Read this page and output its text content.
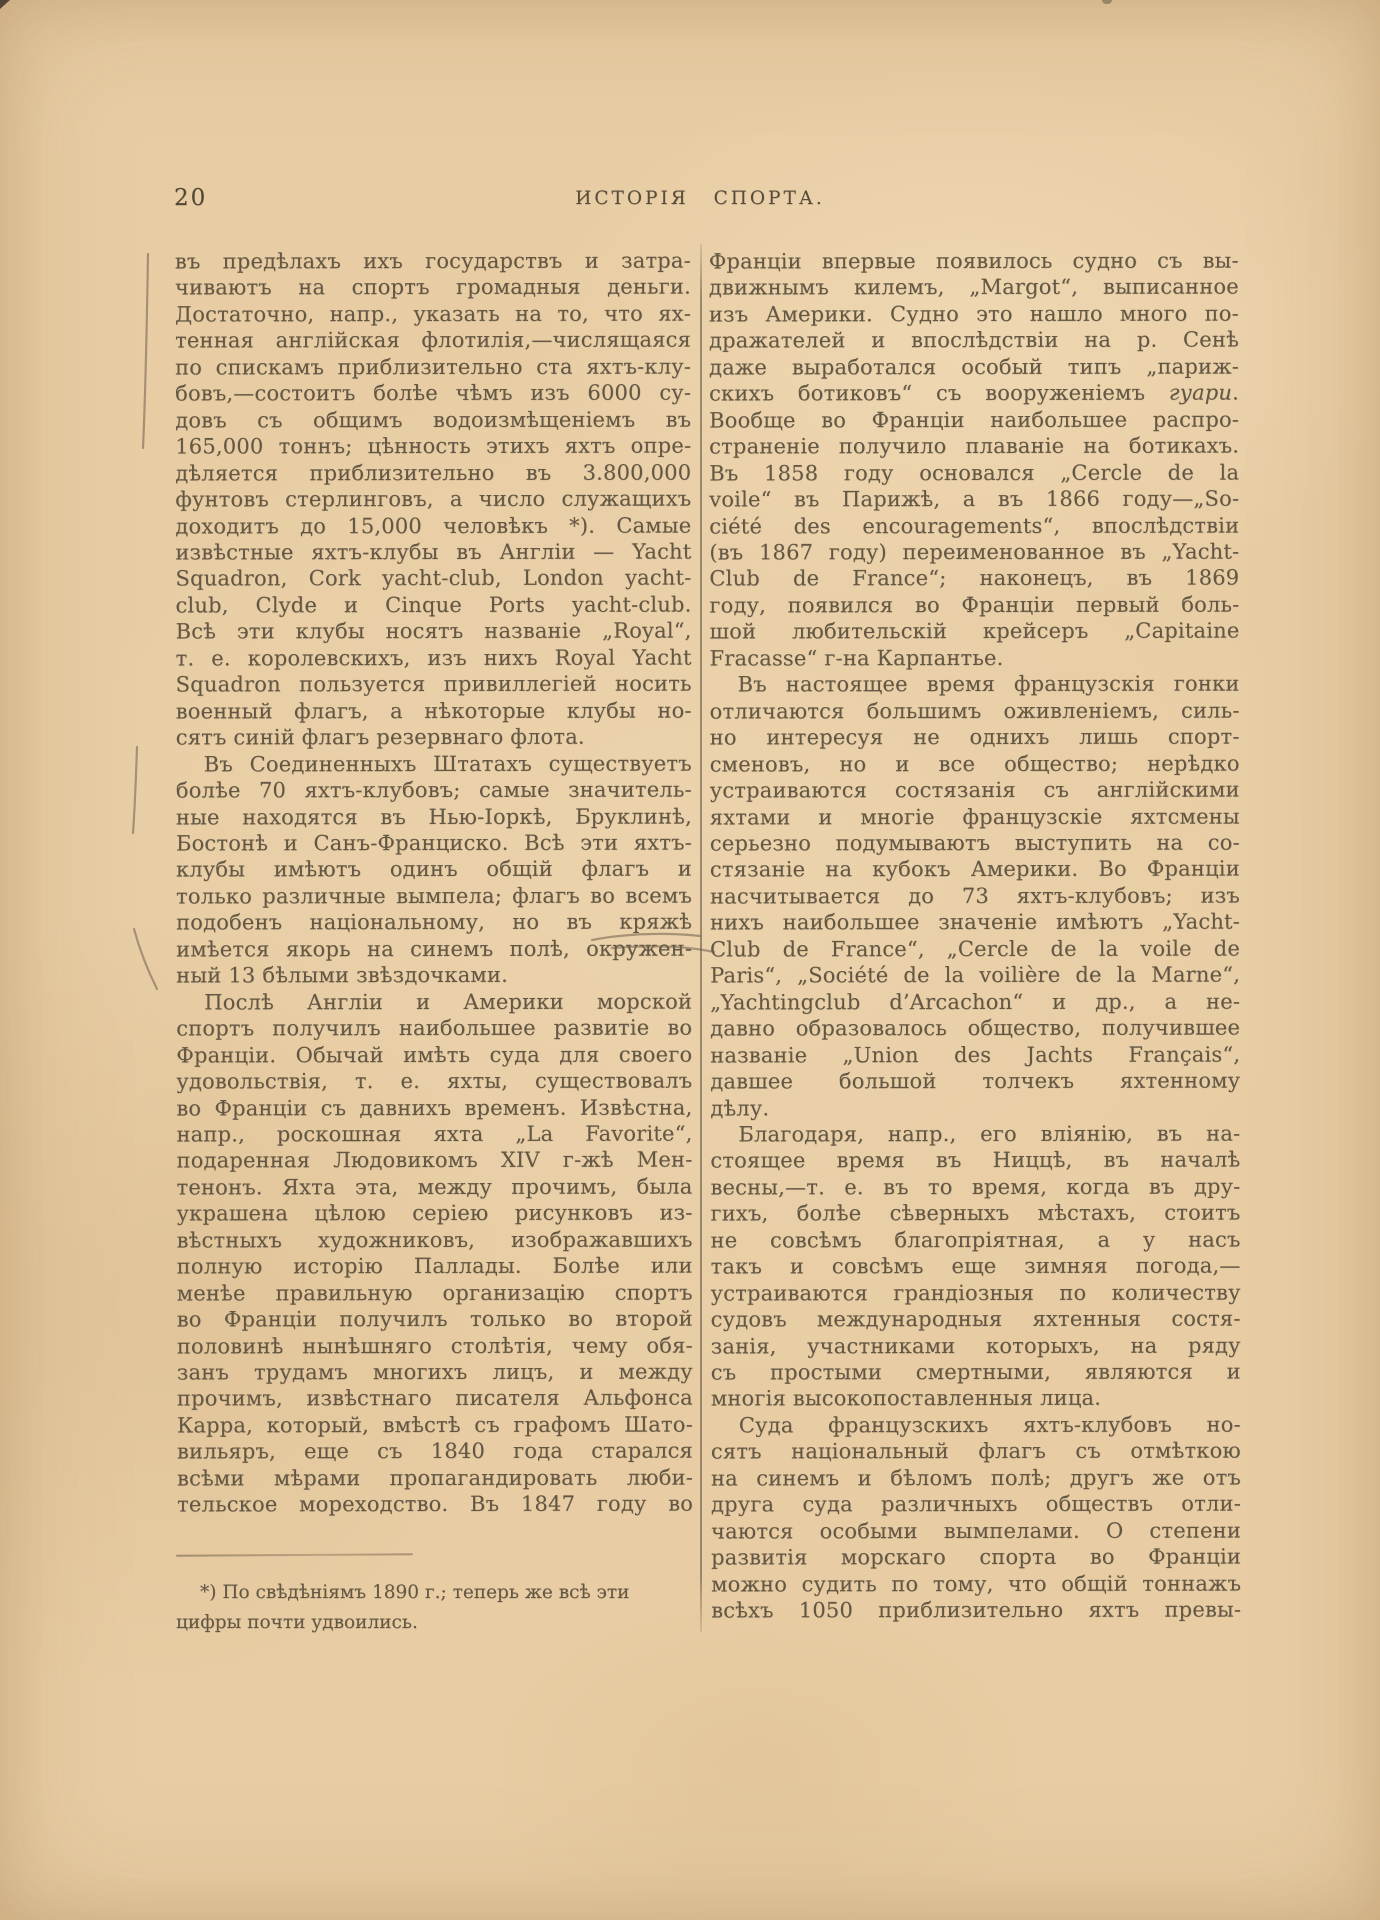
20	ИСТОРІЯ СПОРТА.
въ предѣлахъ ихъ государствъ и затра-
чиваютъ на спортъ громадныя деньги.
Достаточно, напр., указать на то, что ях-
тенная англійская флотилія,—числящаяся
по спискамъ приблизительно ста яхтъ-клу-
бовъ,—состоитъ болѣе чѣмъ изъ 6000 су-
довъ съ общимъ водоизмѣщеніемъ въ
165,000 тоннъ; цѣнность этихъ яхтъ опре-
дѣляется приблизительно въ 3.800,000
фунтовъ стерлинговъ, а число служащихъ
доходитъ до 15,000 человѣкъ *). Самые
извѣстные яхтъ-клубы въ Англіи — Yacht
Squadron, Cork yacht-club, London yacht-
club, Clyde и Cinque Ports yacht-club.
Всѣ эти клубы носятъ названіе „Royal“,
т. е. королевскихъ, изъ нихъ Royal Yacht
Squadron пользуется привиллегіей носить
военный флагъ, а нѣкоторые клубы но-
сятъ синій флагъ резервнаго флота.
Въ Соединенныхъ Штатахъ существуетъ
болѣе 70 яхтъ-клубовъ; самые значитель-
ные находятся въ Нью-Іоркѣ, Бруклинѣ,
Бостонѣ и Санъ-Франциско. Всѣ эти яхтъ-
клубы имѣютъ одинъ общій флагъ и
только различные вымпела; флагъ во всемъ
подобенъ національному, но въ кряжѣ
имѣется якорь на синемъ полѣ, окружен-
ный 13 бѣлыми звѣздочками.
Послѣ Англіи и Америки морской
спортъ получилъ наибольшее развитіе во
Франціи. Обычай имѣть суда для своего
удовольствія, т. е. яхты, существовалъ
во Франціи съ давнихъ временъ. Извѣстна,
напр., роскошная яхта „La Favorite“,
подаренная Людовикомъ XIV г-жѣ Мен-
тенонъ. Яхта эта, между прочимъ, была
украшена цѣлою серіею рисунковъ из-
вѣстныхъ художниковъ, изображавшихъ
полную исторію Паллады. Болѣе или
менѣе правильную организацію спортъ
во Франціи получилъ только во второй
половинѣ нынѣшняго столѣтія, чему обя-
занъ трудамъ многихъ лицъ, и между
прочимъ, извѣстнаго писателя Альфонса
Карра, который, вмѣстѣ съ графомъ Шато-
вильяръ, еще съ 1840 года старался
всѣми мѣрами пропагандировать люби-
тельское мореходство. Въ 1847 году во
Франціи впервые появилось судно съ вы-
движнымъ килемъ, „Margot“, выписанное
изъ Америки. Судно это нашло много по-
дражателей и впослѣдствіи на р. Сенѣ
даже выработался особый типъ „париж-
скихъ ботиковъ“ съ вооруженіемъ гуари.
Вообще во Франціи наибольшее распро-
страненіе получило плаваніе на ботикахъ.
Въ 1858 году основался „Cercle de la
voile“ въ Парижѣ, а въ 1866 году—„So-
ciété des encouragements“, впослѣдствіи
(въ 1867 году) переименованное въ „Yacht-
Club de France“; наконецъ, въ 1869
году, появился во Франціи первый боль-
шой любительскій крейсеръ „Capitaine
Fracasse“ г-на Карпантье.
Въ настоящее время французскія гонки
отличаются большимъ оживленіемъ, силь-
но интересуя не однихъ лишь спорт-
сменовъ, но и все общество; нерѣдко
устраиваются состязанія съ англійскими
яхтами и многіе французскіе яхтсмены
серьезно подумываютъ выступить на со-
стязаніе на кубокъ Америки. Во Франціи
насчитывается до 73 яхтъ-клубовъ; изъ
нихъ наибольшее значеніе имѣютъ „Yacht-
Club de France“, „Cercle de la voile de
Paris“, „Société de la voilière de la Marne“,
„Yachtingclub d’Arcachon“ и др., а не-
давно образовалось общество, получившее
названіе „Union des Jachts Français“,
давшее большой толчекъ яхтенному
дѣлу.
Благодаря, напр., его вліянію, въ на-
стоящее время въ Ниццѣ, въ началѣ
весны,—т. е. въ то время, когда въ дру-
гихъ, болѣе сѣверныхъ мѣстахъ, стоитъ
не совсѣмъ благопріятная, а у насъ
такъ и совсѣмъ еще зимняя погода,—
устраиваются грандіозныя по количеству
судовъ международныя яхтенныя состя-
занія, участниками которыхъ, на ряду
съ простыми смертными, являются и
многія высокопоставленныя лица.
Суда французскихъ яхтъ-клубовъ но-
сятъ національный флагъ съ отмѣткою
на синемъ и бѣломъ полѣ; другъ же отъ
друга суда различныхъ обществъ отли-
чаются особыми вымпелами. О степени
развитія морскаго спорта во Франціи
можно судить по тому, что общій тоннажъ
всѣхъ 1050 приблизительно яхтъ превы-
*) По свѣдѣніямъ 1890 г.; теперь же всѣ эти
цифры почти удвоились.
